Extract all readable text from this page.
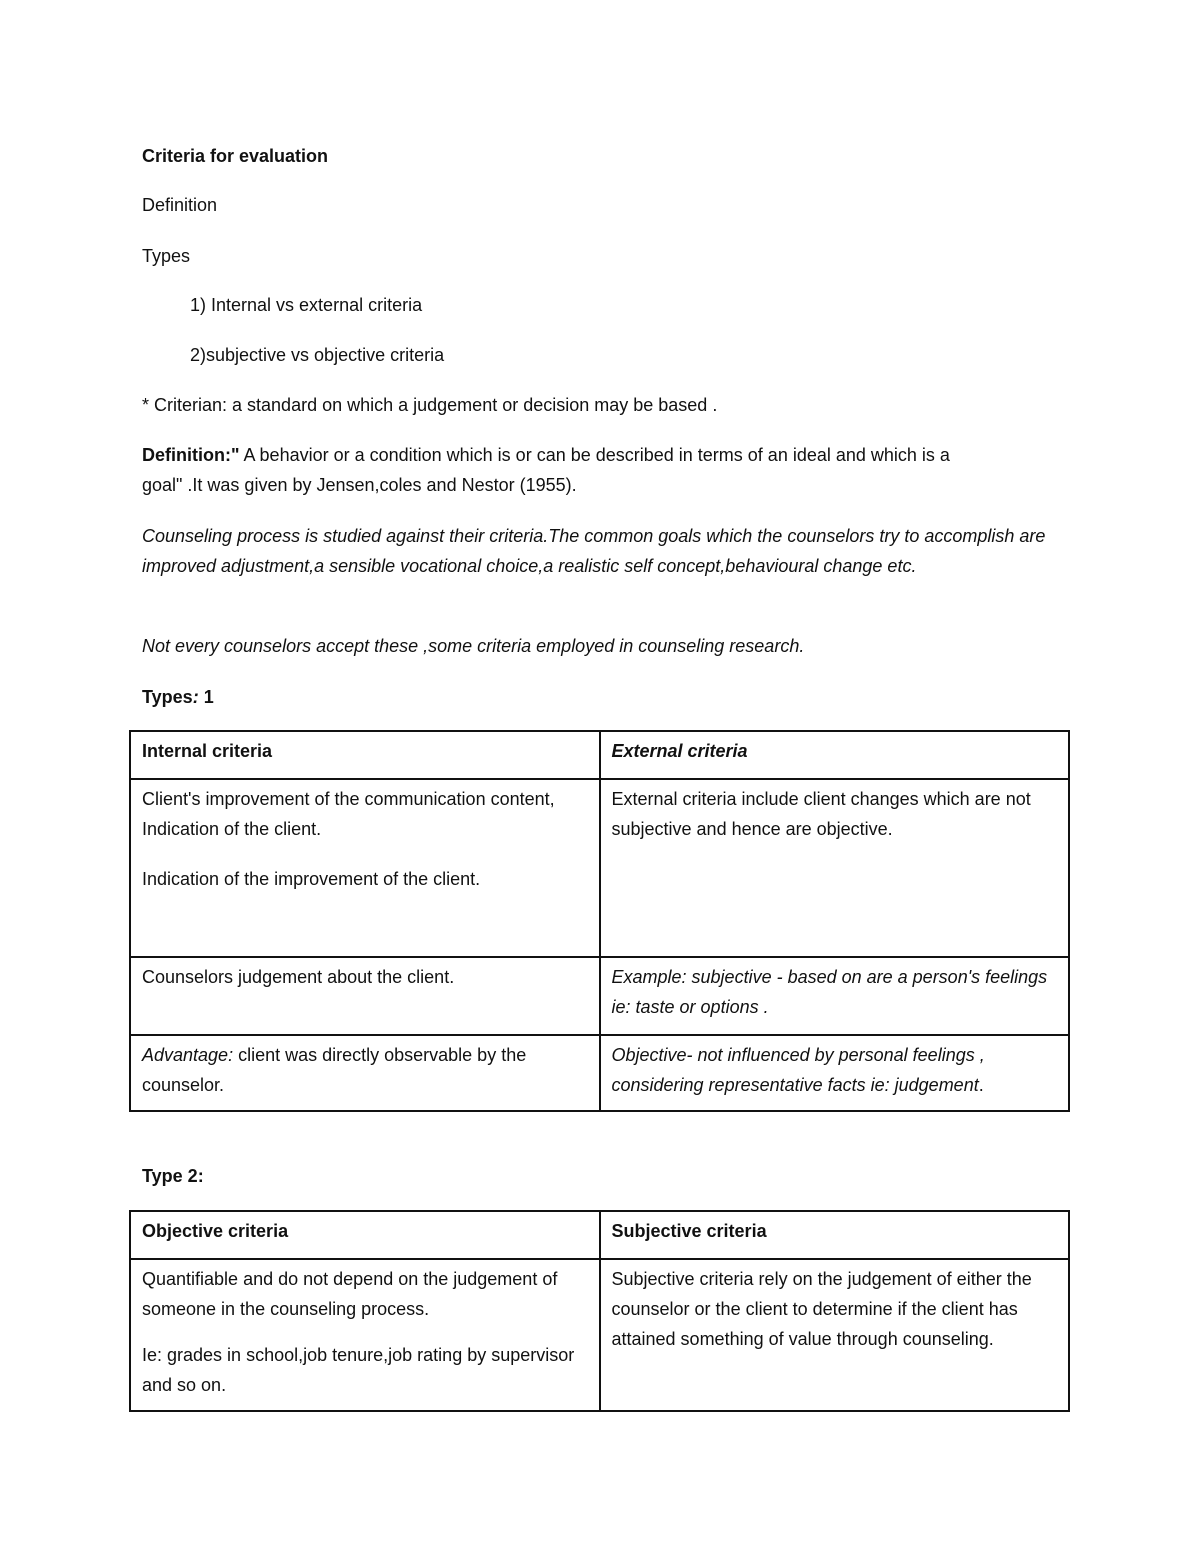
Criteria for evaluation
Definition
Types
1) Internal vs external criteria
2)subjective vs objective criteria
* Criterian: a standard on which a judgement or decision may be based .
Definition:" A behavior or a condition which is or can be described in terms of an ideal and which is a
goal" .It was given by Jensen,coles and Nestor (1955).
Counseling process is studied against their criteria.The common goals which the counselors try to accomplish are improved adjustment,a sensible vocational choice,a realistic self concept,behavioural change etc.
Not every counselors accept these ,some criteria employed in counseling research.
Types: 1
Internal criteria	External criteria

Client's improvement of the communication content, Indication of the client.

Indication of the improvement of the client.	External criteria include client changes which are not subjective and hence are objective.

Counselors judgement about the client.	Example: subjective - based on are a person's feelings ie: taste or options .

Advantage: client was directly observable by the counselor.	Objective- not influenced by personal feelings , considering representative facts ie: judgement.

Type 2:
Objective criteria	Subjective criteria

Quantifiable and do not depend on the judgement of someone in the counseling process.

Ie: grades in school,job tenure,job rating by supervisor and so on.	Subjective criteria rely on the judgement of either the counselor or the client to determine if the client has attained something of value through counseling.
